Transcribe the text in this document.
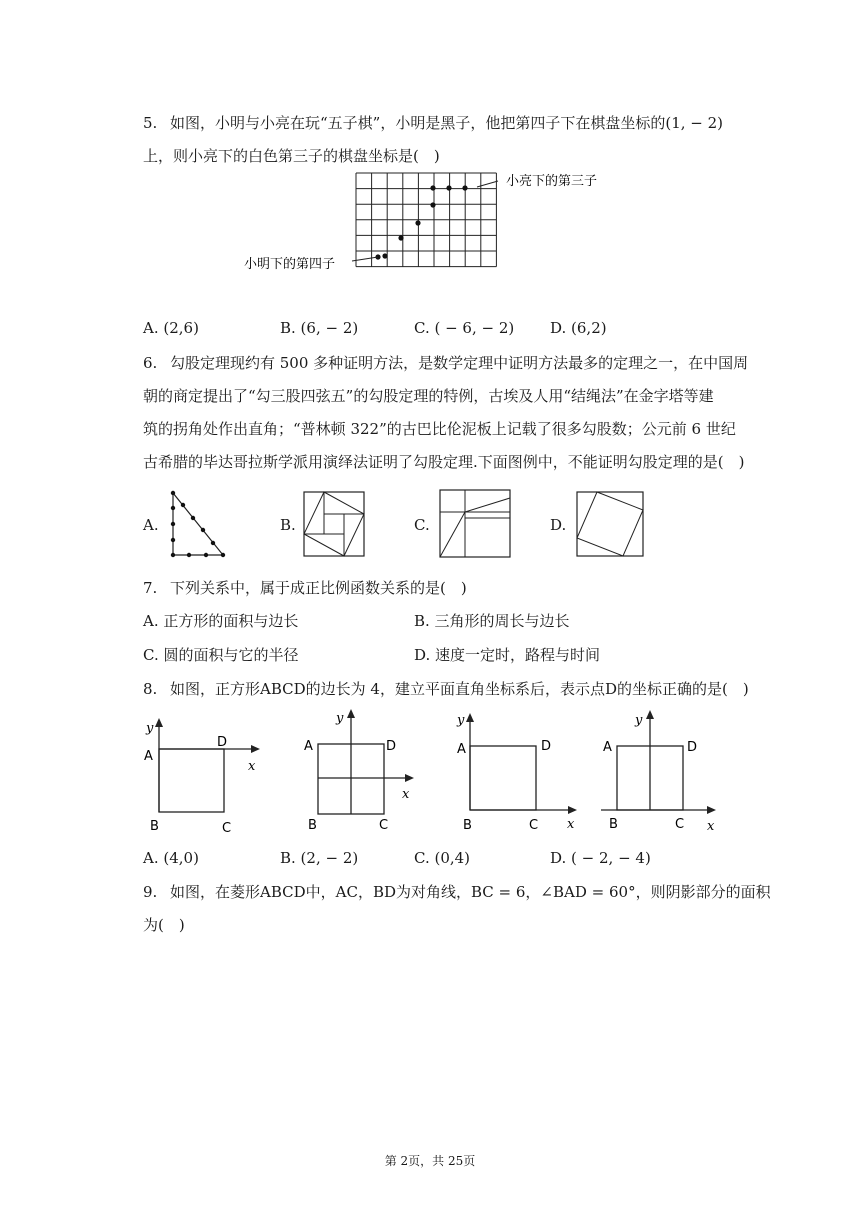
5. 如图，小明与小亮在玩“五子棋”，小明是黑子，他把第四子下在棋盘坐标的(1, − 2)
上，则小亮下的白色第三子的棋盘坐标是(　)
小亮下的第三子
小明下的第四子
A. (2,6)	B. (6, − 2)	C. ( − 6, − 2) D. (6,2)
6. 勾股定理现约有 500 多种证明方法，是数学定理中证明方法最多的定理之一，在中国周
朝的商定提出了“勾三股四弦五”的勾股定理的特例，古埃及人用“结绳法”在金字塔等建
筑的拐角处作出直角；“普林顿 322”的古巴比伦泥板上记载了很多勾股数；公元前 6 世纪
古希腊的毕达哥拉斯学派用演绎法证明了勾股定理.下面图例中，不能证明勾股定理的是(　)
A.	B.	C.	D.
7. 下列关系中，属于成正比例函数关系的是(　)
A. 正方形的面积与边长	B. 三角形的周长与边长
C. 圆的面积与它的半径	D. 速度一定时，路程与时间
8. 如图，正方形ABCD的边长为 4，建立平面直角坐标系后，表示点D的坐标正确的是(　)
y
x
A
D
B	C
y
x
A	D
B	C
y
x
A	D
B	C
y
x
A	D
B	C
A. (4,0)	B. (2, − 2)	C. (0,4)	D. ( − 2, − 4)
9. 如图，在菱形ABCD中，AC，BD为对角线，BC = 6，∠BAD = 60°，则阴影部分的面积
为(　)
第 2页，共 25页
